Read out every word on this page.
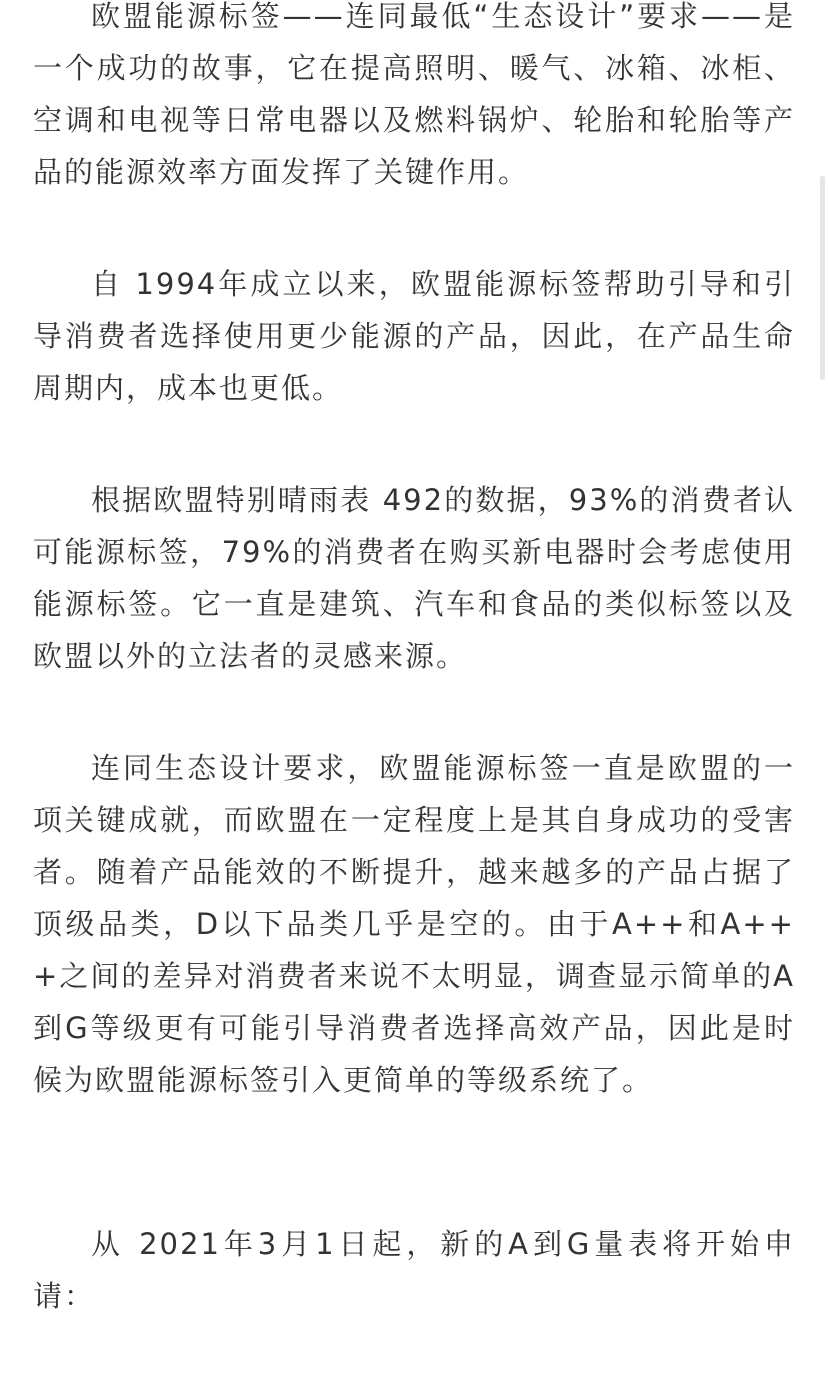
欧盟能源标签——连同最低“生态设计”要求——是一个成功的故事，它在提高照明、暖气、冰箱、冰柜、空调和电视等日常电器以及燃料锅炉、轮胎和轮胎等产品的能源效率方面发挥了关键作用。

自 1994年成立以来，欧盟能源标签帮助引导和引导消费者选择使用更少能源的产品，因此，在产品生命周期内，成本也更低。

根据欧盟特别晴雨表 492的数据，93%的消费者认可能源标签，79%的消费者在购买新电器时会考虑使用能源标签。它一直是建筑、汽车和食品的类似标签以及欧盟以外的立法者的灵感来源。

连同生态设计要求，欧盟能源标签一直是欧盟的一项关键成就，而欧盟在一定程度上是其自身成功的受害者。随着产品能效的不断提升，越来越多的产品占据了顶级品类，D以下品类几乎是空的。由于A++和A+++之间的差异对消费者来说不太明显，调查显示简单的A到G等级更有可能引导消费者选择高效产品，因此是时候为欧盟能源标签引入更简单的等级系统了。

从 2021年3月1日起，新的A到G量表将开始申请：
